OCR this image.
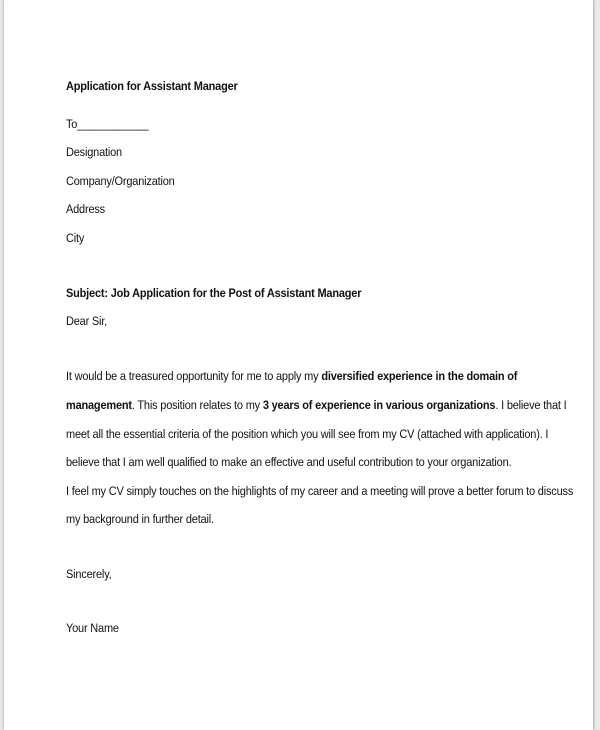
Application for Assistant Manager

To____________

Designation

Company/Organization

Address

City

Subject: Job Application for the Post of Assistant Manager

Dear Sir,

It would be a treasured opportunity for me to apply my diversified experience in the domain of

management. This position relates to my 3 years of experience in various organizations. I believe that I

meet all the essential criteria of the position which you will see from my CV (attached with application). I

believe that I am well qualified to make an effective and useful contribution to your organization.

I feel my CV simply touches on the highlights of my career and a meeting will prove a better forum to discuss

my background in further detail.

Sincerely,

Your Name
